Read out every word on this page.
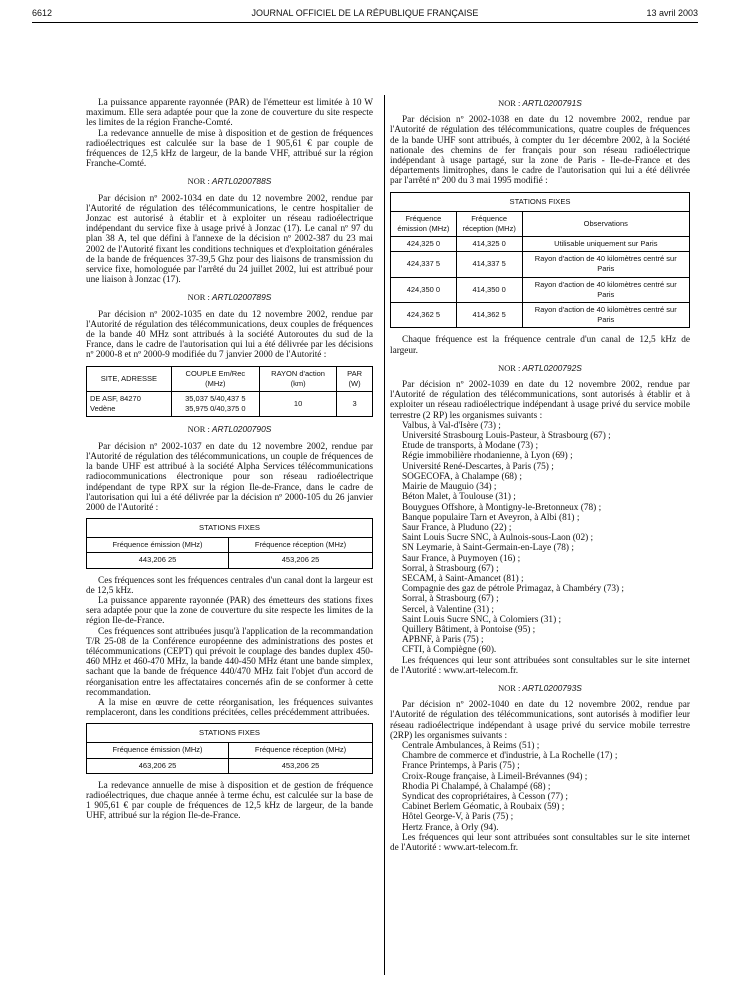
6612	JOURNAL OFFICIEL DE LA RÉPUBLIQUE FRANÇAISE	13 avril 2003

La puissance apparente rayonnée (PAR) de l'émetteur est limitée à 10 W maximum. Elle sera adaptée pour que la zone de couverture du site respecte les limites de la région Franche-Comté.

La redevance annuelle de mise à disposition et de gestion de fréquences radioélectriques est calculée sur la base de 1 905,61 € par couple de fréquences de 12,5 kHz de largeur, de la bande VHF, attribué sur la région Franche-Comté.

NOR : ARTL0200788S

Par décision nº 2002-1034 en date du 12 novembre 2002, rendue par l'Autorité de régulation des télécommunications, le centre hospitalier de Jonzac est autorisé à établir et à exploiter un réseau radioélectrique indépendant du service fixe à usage privé à Jonzac (17). Le canal nº 97 du plan 38 A, tel que défini à l'annexe de la décision nº 2002-387 du 23 mai 2002 de l'Autorité fixant les conditions techniques et d'exploitation générales de la bande de fréquences 37-39,5 Ghz pour des liaisons de transmission du service fixe, homologuée par l'arrêté du 24 juillet 2002, lui est attribué pour une liaison à Jonzac (17).

NOR : ARTL0200789S

Par décision nº 2002-1035 en date du 12 novembre 2002, rendue par l'Autorité de régulation des télécommunications, deux couples de fréquences de la bande 40 MHz sont attribués à la société Autoroutes du sud de la France, dans le cadre de l'autorisation qui lui a été délivrée par les décisions nº 2000-8 et nº 2000-9 modifiée du 7 janvier 2000 de l'Autorité :

SITE, ADRESSE	COUPLE Em/Rec (MHz)	RAYON d'action (km)	PAR (W)
DE ASF, 84270 Vedène	35,037 5/40,437 5
35,975 0/40,375 0	10	3

NOR : ARTL0200790S

Par décision nº 2002-1037 en date du 12 novembre 2002, rendue par l'Autorité de régulation des télécommunications, un couple de fréquences de la bande UHF est attribué à la société Alpha Services télécommunications radiocommunications électronique pour son réseau radioélectrique indépendant de type RPX sur la région Ile-de-France, dans le cadre de l'autorisation qui lui a été délivrée par la décision nº 2000-105 du 26 janvier 2000 de l'Autorité :

STATIONS FIXES	
Fréquence émission (MHz)	Fréquence réception (MHz)
443,206 25	453,206 25

Ces fréquences sont les fréquences centrales d'un canal dont la largeur est de 12,5 kHz.

La puissance apparente rayonnée (PAR) des émetteurs des stations fixes sera adaptée pour que la zone de couverture du site respecte les limites de la région Ile-de-France.

Ces fréquences sont attribuées jusqu'à l'application de la recommandation T/R 25-08 de la Conférence européenne des administrations des postes et télécommunications (CEPT) qui prévoit le couplage des bandes duplex 450-460 MHz et 460-470 MHz, la bande 440-450 MHz étant une bande simplex, sachant que la bande de fréquence 440/470 MHz fait l'objet d'un accord de réorganisation entre les affectataires concernés afin de se conformer à cette recommandation.

A la mise en œuvre de cette réorganisation, les fréquences suivantes remplaceront, dans les conditions précitées, celles précédemment attribuées.

STATIONS FIXES	
Fréquence émission (MHz)	Fréquence réception (MHz)
463,206 25	453,206 25

La redevance annuelle de mise à disposition et de gestion de fréquence radioélectriques, due chaque année à terme échu, est calculée sur la base de 1 905,61 € par couple de fréquences de 12,5 kHz de largeur, de la bande UHF, attribué sur la région Ile-de-France.

NOR : ARTL0200791S

Par décision nº 2002-1038 en date du 12 novembre 2002, rendue par l'Autorité de régulation des télécommunications, quatre couples de fréquences de la bande UHF sont attribués, à compter du 1er décembre 2002, à la Société nationale des chemins de fer français pour son réseau radioélectrique indépendant à usage partagé, sur la zone de Paris - Ile-de-France et des départements limitrophes, dans le cadre de l'autorisation qui lui a été délivrée par l'arrêté nº 200 du 3 mai 1995 modifié :

STATIONS FIXES		
Fréquence émission (MHz)	Fréquence réception (MHz)	Observations
424,325 0	414,325 0	Utilisable uniquement sur Paris
424,337 5	414,337 5	Rayon d'action de 40 kilomètres centré sur Paris
424,350 0	414,350 0	Rayon d'action de 40 kilomètres centré sur Paris
424,362 5	414,362 5	Rayon d'action de 40 kilomètres centré sur Paris

Chaque fréquence est la fréquence centrale d'un canal de 12,5 kHz de largeur.

NOR : ARTL0200792S

Par décision nº 2002-1039 en date du 12 novembre 2002, rendue par l'Autorité de régulation des télécommunications, sont autorisés à établir et à exploiter un réseau radioélectrique indépendant à usage privé du service mobile terrestre (2 RP) les organismes suivants :

Valbus, à Val-d'Isère (73) ;
Université Strasbourg Louis-Pasteur, à Strasbourg (67) ;
Etude de transports, à Modane (73) ;
Régie immobilière rhodanienne, à Lyon (69) ;
Université René-Descartes, à Paris (75) ;
SOGECOFA, à Chalampe (68) ;
Mairie de Mauguio (34) ;
Béton Malet, à Toulouse (31) ;
Bouygues Offshore, à Montigny-le-Bretonneux (78) ;
Banque populaire Tarn et Aveyron, à Albi (81) ;
Saur France, à Pluduno (22) ;
Saint Louis Sucre SNC, à Aulnois-sous-Laon (02) ;
SN Leymarie, à Saint-Germain-en-Laye (78) ;
Saur France, à Puymoyen (16) ;
Sorral, à Strasbourg (67) ;
SECAM, à Saint-Amancet (81) ;
Compagnie des gaz de pétrole Primagaz, à Chambéry (73) ;
Sorral, à Strasbourg (67) ;
Sercel, à Valentine (31) ;
Saint Louis Sucre SNC, à Colomiers (31) ;
Quillery Bâtiment, à Pontoise (95) ;
APBNF, à Paris (75) ;
CFTI, à Compiègne (60).

Les fréquences qui leur sont attribuées sont consultables sur le site internet de l'Autorité : www.art-telecom.fr.

NOR : ARTL0200793S

Par décision nº 2002-1040 en date du 12 novembre 2002, rendue par l'Autorité de régulation des télécommunications, sont autorisés à modifier leur réseau radioélectrique indépendant à usage privé du service mobile terrestre (2RP) les organismes suivants :

Centrale Ambulances, à Reims (51) ;
Chambre de commerce et d'industrie, à La Rochelle (17) ;
France Printemps, à Paris (75) ;
Croix-Rouge française, à Limeil-Brévannes (94) ;
Rhodia Pi Chalampé, à Chalampé (68) ;
Syndicat des copropriétaires, à Cesson (77) ;
Cabinet Berlem Géomatic, à Roubaix (59) ;
Hôtel George-V, à Paris (75) ;
Hertz France, à Orly (94).

Les fréquences qui leur sont attribuées sont consultables sur le site internet de l'Autorité : www.art-telecom.fr.
